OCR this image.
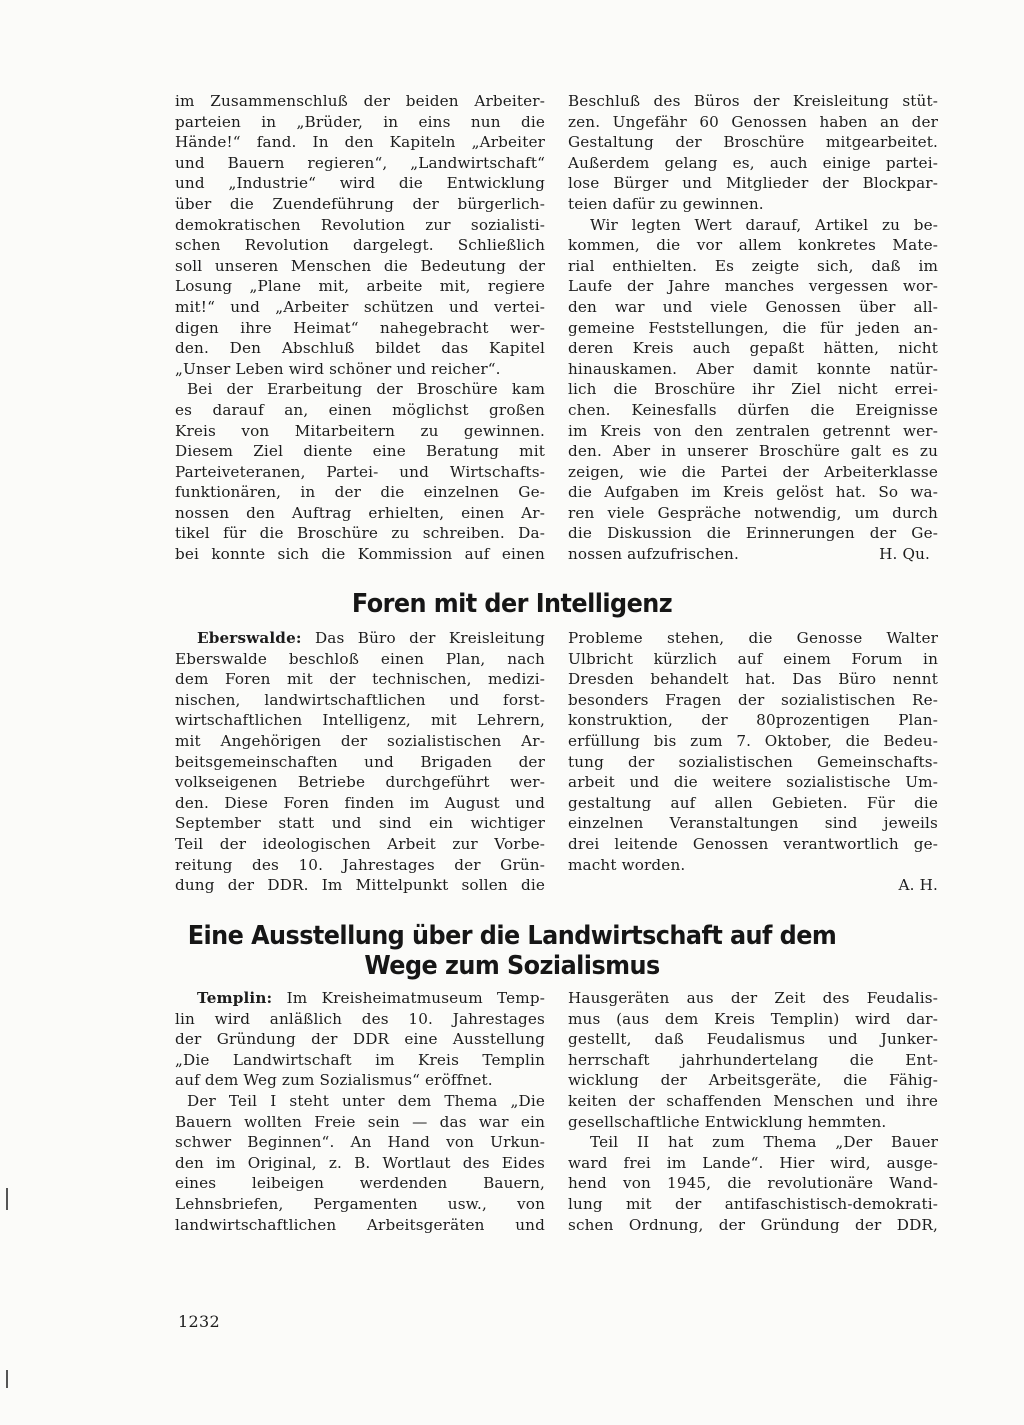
im Zusammenschluß der beiden Arbeiter-
parteien in „Brüder, in eins nun die
Hände!“ fand. In den Kapiteln „Arbeiter
und Bauern regieren“, „Landwirtschaft“
und „Industrie“ wird die Entwicklung
über die Zuendeführung der bürgerlich-
demokratischen Revolution zur sozialisti-
schen Revolution dargelegt. Schließlich
soll unseren Menschen die Bedeutung der
Losung „Plane mit, arbeite mit, regiere
mit!“ und „Arbeiter schützen und vertei-
digen ihre Heimat“ nahegebracht wer-
den. Den Abschluß bildet das Kapitel
„Unser Leben wird schöner und reicher“.
Bei der Erarbeitung der Broschüre kam
es darauf an, einen möglichst großen
Kreis von Mitarbeitern zu gewinnen.
Diesem Ziel diente eine Beratung mit
Parteiveteranen, Partei- und Wirtschafts-
funktionären, in der die einzelnen Ge-
nossen den Auftrag erhielten, einen Ar-
tikel für die Broschüre zu schreiben. Da-
bei konnte sich die Kommission auf einen
Beschluß des Büros der Kreisleitung stüt-
zen. Ungefähr 60 Genossen haben an der
Gestaltung der Broschüre mitgearbeitet.
Außerdem gelang es, auch einige partei-
lose Bürger und Mitglieder der Blockpar-
teien dafür zu gewinnen.
Wir legten Wert darauf, Artikel zu be-
kommen, die vor allem konkretes Mate-
rial enthielten. Es zeigte sich, daß im
Laufe der Jahre manches vergessen wor-
den war und viele Genossen über all-
gemeine Feststellungen, die für jeden an-
deren Kreis auch gepaßt hätten, nicht
hinauskamen. Aber damit konnte natür-
lich die Broschüre ihr Ziel nicht errei-
chen. Keinesfalls dürfen die Ereignisse
im Kreis von den zentralen getrennt wer-
den. Aber in unserer Broschüre galt es zu
zeigen, wie die Partei der Arbeiterklasse
die Aufgaben im Kreis gelöst hat. So wa-
ren viele Gespräche notwendig, um durch
die Diskussion die Erinnerungen der Ge-
nossen aufzufrischen.	H. Qu.
Foren mit der Intelligenz
Eberswalde: Das Büro der Kreisleitung
Eberswalde beschloß einen Plan, nach
dem Foren mit der technischen, medizi-
nischen, landwirtschaftlichen und forst-
wirtschaftlichen Intelligenz, mit Lehrern,
mit Angehörigen der sozialistischen Ar-
beitsgemeinschaften und Brigaden der
volkseigenen Betriebe durchgeführt wer-
den. Diese Foren finden im August und
September statt und sind ein wichtiger
Teil der ideologischen Arbeit zur Vorbe-
reitung des 10. Jahrestages der Grün-
dung der DDR. Im Mittelpunkt sollen die
Probleme stehen, die Genosse Walter
Ulbricht kürzlich auf einem Forum in
Dresden behandelt hat. Das Büro nennt
besonders Fragen der sozialistischen Re-
konstruktion, der 80prozentigen Plan-
erfüllung bis zum 7. Oktober, die Bedeu-
tung der sozialistischen Gemeinschafts-
arbeit und die weitere sozialistische Um-
gestaltung auf allen Gebieten. Für die
einzelnen Veranstaltungen sind jeweils
drei leitende Genossen verantwortlich ge-
macht worden.
A. H.
Eine Ausstellung über die Landwirtschaft auf dem
Wege zum Sozialismus
Templin: Im Kreisheimatmuseum Temp-
lin wird anläßlich des 10. Jahrestages
der Gründung der DDR eine Ausstellung
„Die Landwirtschaft im Kreis Templin
auf dem Weg zum Sozialismus“ eröffnet.
Der Teil I steht unter dem Thema „Die
Bauern wollten Freie sein — das war ein
schwer Beginnen“. An Hand von Urkun-
den im Original, z. B. Wortlaut des Eides
eines leibeigen werdenden Bauern,
Lehnsbriefen, Pergamenten usw., von
landwirtschaftlichen Arbeitsgeräten und
Hausgeräten aus der Zeit des Feudalis-
mus (aus dem Kreis Templin) wird dar-
gestellt, daß Feudalismus und Junker-
herrschaft jahrhundertelang die Ent-
wicklung der Arbeitsgeräte, die Fähig-
keiten der schaffenden Menschen und ihre
gesellschaftliche Entwicklung hemmten.
Teil II hat zum Thema „Der Bauer
ward frei im Lande“. Hier wird, ausge-
hend von 1945, die revolutionäre Wand-
lung mit der antifaschistisch-demokrati-
schen Ordnung, der Gründung der DDR,
1232
